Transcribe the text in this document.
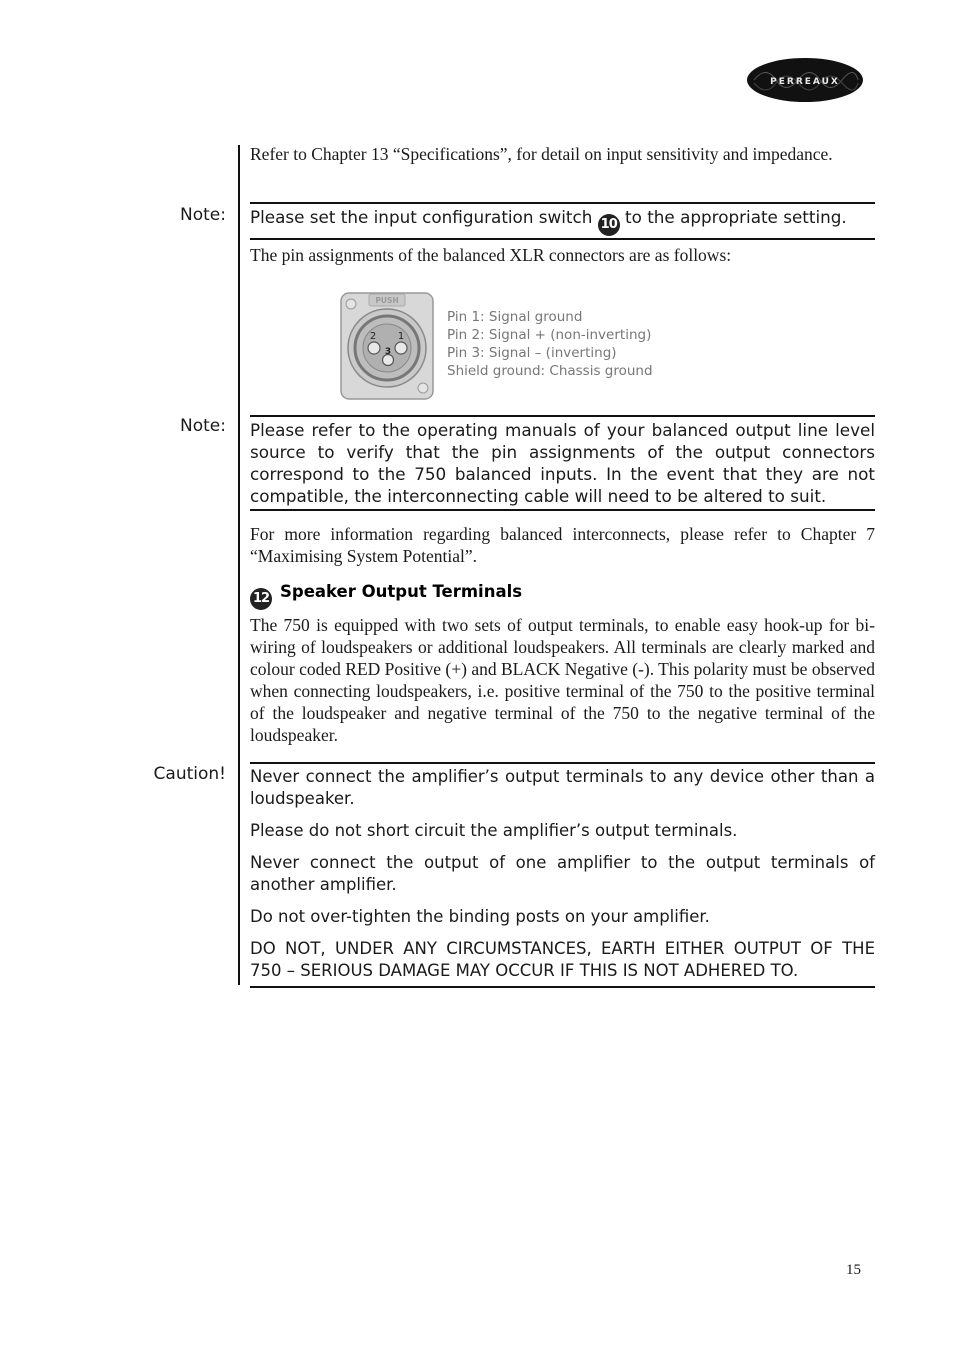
PERREAUX
Refer to Chapter 13 “Specifications”, for detail on input sensitivity and impedance.
Note: Please set the input configuration switch 10 to the appropriate setting.
The pin assignments of the balanced XLR connectors are as follows:
PUSH
2 1
3
Pin 1: Signal ground
Pin 2: Signal + (non-inverting)
Pin 3: Signal – (inverting)
Shield ground: Chassis ground
Note: Please refer to the operating manuals of your balanced output line level source to verify that the pin assignments of the output connectors correspond to the 750 balanced inputs. In the event that they are not compatible, the interconnecting cable will need to be altered to suit.
For more information regarding balanced interconnects, please refer to Chapter 7 “Maximising System Potential”.
12 Speaker Output Terminals
The 750 is equipped with two sets of output terminals, to enable easy hook-up for bi-wiring of loudspeakers or additional loudspeakers. All terminals are clearly marked and colour coded RED Positive (+) and BLACK Negative (-). This polarity must be observed when connecting loudspeakers, i.e. positive terminal of the 750 to the positive terminal of the loudspeaker and negative terminal of the 750 to the negative terminal of the loudspeaker.
Caution! Never connect the amplifier’s output terminals to any device other than a loudspeaker.

Please do not short circuit the amplifier’s output terminals.

Never connect the output of one amplifier to the output terminals of another amplifier.

Do not over-tighten the binding posts on your amplifier.

DO NOT, UNDER ANY CIRCUMSTANCES, EARTH EITHER OUTPUT OF THE 750 – SERIOUS DAMAGE MAY OCCUR IF THIS IS NOT ADHERED TO.

15
